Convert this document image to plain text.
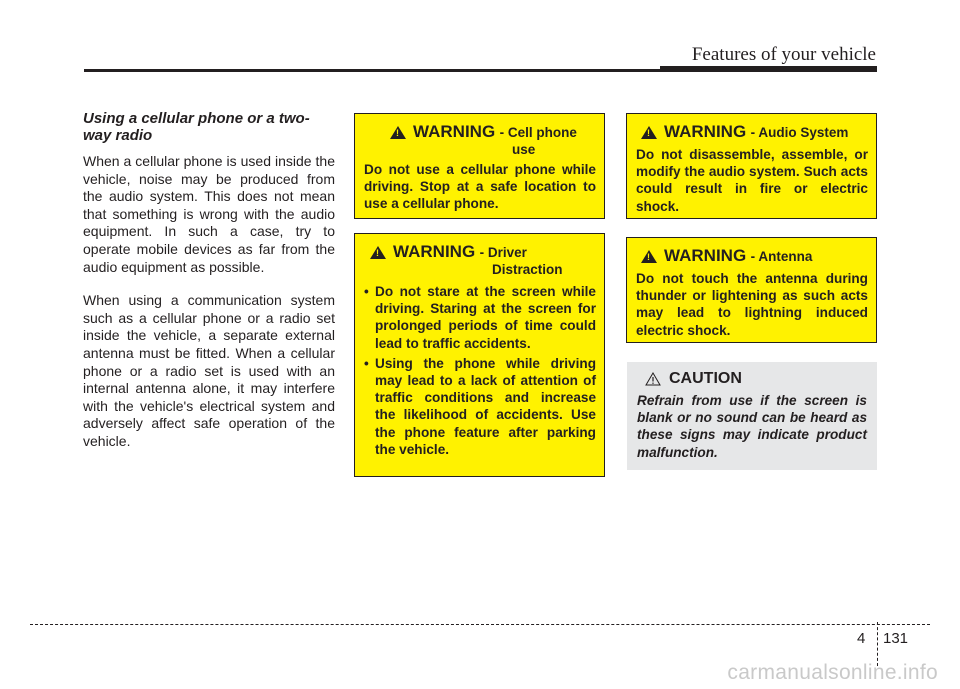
Features of your vehicle
Using a cellular phone or a two-way radio

When a cellular phone is used inside the vehicle, noise may be produced from the audio system. This does not mean that something is wrong with the audio equipment. In such a case, try to operate mobile devices as far from the audio equipment as possible.

When using a communication system such as a cellular phone or a radio set inside the vehicle, a separate external antenna must be fitted. When a cellular phone or a radio set is used with an internal antenna alone, it may interfere with the vehicle's electrical system and adversely affect safe operation of the vehicle.

!
WARNING - Cell phone
use
Do not use a cellular phone while driving. Stop at a safe location to use a cellular phone.
!
WARNING - Driver
Distraction
• Do not stare at the screen while driving. Staring at the screen for prolonged periods of time could lead to traffic accidents.
• Using the phone while driving may lead to a lack of attention of traffic conditions and increase the likelihood of accidents. Use the phone feature after parking the vehicle.
!
WARNING - Audio System
Do not disassemble, assemble, or modify the audio system. Such acts could result in fire or electric shock.
!
WARNING - Antenna
Do not touch the antenna during thunder or lightening as such acts may lead to lightning induced electric shock.
CAUTION
Refrain from use if the screen is blank or no sound can be heard as these signs may indicate product malfunction.
4 131
carmanualsonline.info
